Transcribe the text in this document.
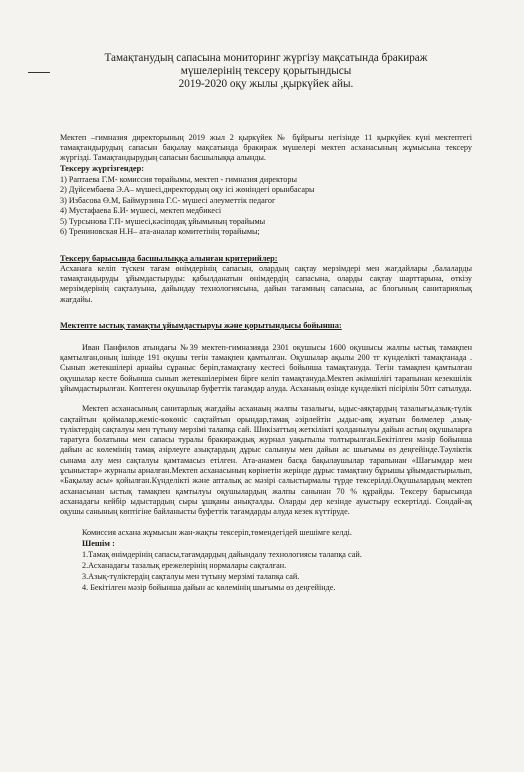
Тамақтанудың сапасына мониторинг жүргізу мақсатында бракираж
мүшелерінің тексеру қорытындысы
2019-2020 оқу жылы ,қыркүйек айы.
Мектеп –гимназия директорының 2019 жыл 2 қыркүйек № бұйрығы негізінде 11 қыркүйек күні мектептегі тамақтандырудың сапасын бақылау мақсатында бракираж мүшелері мектеп асханасының жұмысына тексеру жүргізді. Тамақтандырудың сапасын басшылыққа алынды.
Тексеру жүргізгендер:
1) Раптаева Г.М- комиссия төрайымы, мектеп - гимназия директоры
2) Дүйсембаева Э.А– мүшесі,директордың оқу ісі жөніндегі орынбасары
3) Избасова Ө.М, Баймурзина Г.С- мүшесі әлеуметтік педагог
4) Мустафаева Б.И- мүшесі, мектеп медбикесі
5) Турсынова Г.П- мүшесі,кәсіподақ ұйымының төрайымы
6) Трениновская Н.Н– ата-аналар комитетінің төрайымы;
Тексеру барысында басшылыққа алынған критерийлер:
Асханаға келіп түскен тағам өнімдерінің сапасын, олардың сақтау мерзімдері мен жағдайлары ,балаларды тамақтандыруды ұйымдастыруды: қабылданатын өнімдердің сапасына, оларды сақтау шарттарына, өткізу мерзімдерінің сақталуына, дайындау технологиясына, дайын тағамның сапасына, ас блогының санитариялық жағдайы.
Мектепте ыстық тамақты ұйымдастыруы және қорытындысы бойынша:
Иван Панфилов атындағы №39 мектеп-гимназияда 2301 оқушысы 1600 оқушысы жалпы ыстық тамақпен қамтылған,оның ішінде 191 оқушы тегін тамақпен қамтылған. Оқушылар ақылы 200 тг күнделікті тамақтанада . Сынып жетекшілері арнайы сұраныс беріп,тамақтану кестесі бойынша тамақтануда. Тегін тамақпен қамтылған оқушылар кесте бойынша сынып жетекшілерімен бірге келіп тамақтануда.Мектеп әкімшілігі тарапынан кезекшілік ұйымдастырылған. Көптеген оқушылар буфеттік тағамдар алуда. Асханаың өзінде күнделікті пісірілін 50тг сатылуда.
Мектеп асханасының санитарлық жағдайы асханаың жалпы тазалығы, ыдыс-аяқтардың тазалығы,азық-түлік сақтайтын қоймалар,жеміс-көкөніс сақтайтын орындар,тамақ әзірлейтін ,ыдыс-аяқ жуатын бөлмелер ,азық-түліктердің сақталуы мен түтыну мерзімі талапқа сай. Шикізаттың жеткілікті қолданылуы дайын астың оқушыларға таратуға болатыны мен сапасы туралы бракираждық журнал уақытылы толтырылған.Бекітілген мәзір бойынша дайын ас көлемінің тамақ әзірлеуге азықтардың дұрыс салынуы мен дайын ас шығымы өз деңгейінде.Тәуліктік сынама алу мен сақталуы қамтамасыз етілген. Ата-анамен басқа бақылаушылар тарапынан «Шағымдар мен ұсыныстар» журналы арналған.Мектеп асханасының көрінетін жерінде дұрыс тамақтану бұрышы ұйымдастырылып, «Бақылау асы» қойылған.Күнделікті және апталық ас мәзірі салыстырмалы түрде тексерілді.Оқушылардың мектеп асханасынан ыстық тамақпен қамтылуы оқушылардың жалпы санынан 70 % құрайды. Тексеру барысында асханадағы кейбір ыдыстардың сыры ұшқаны анықталды. Оларды дер кезінде ауыстыру ескертілді. Сондай-ақ оқушы санының көптігіне байланысты буфеттік тағамдарды алуда кезек күттіруде.
Комиссия асхана жұмысын жан-жақты тексеріп,төмендегідей шешімге келді.
Шешім :
1.Тамақ өнімдерінің сапасы,тағамдардың дайындалу технологиясы талапқа сай.
2.Асханадағы тазалық ережелерінің нормалары сақталған.
3.Азық-түліктердің сақталуы мен түтыну мерзімі талапқа сай.
4. Бекітілген мәзір бойынша дайын ас көлемінің шығымы өз деңгейінде.
